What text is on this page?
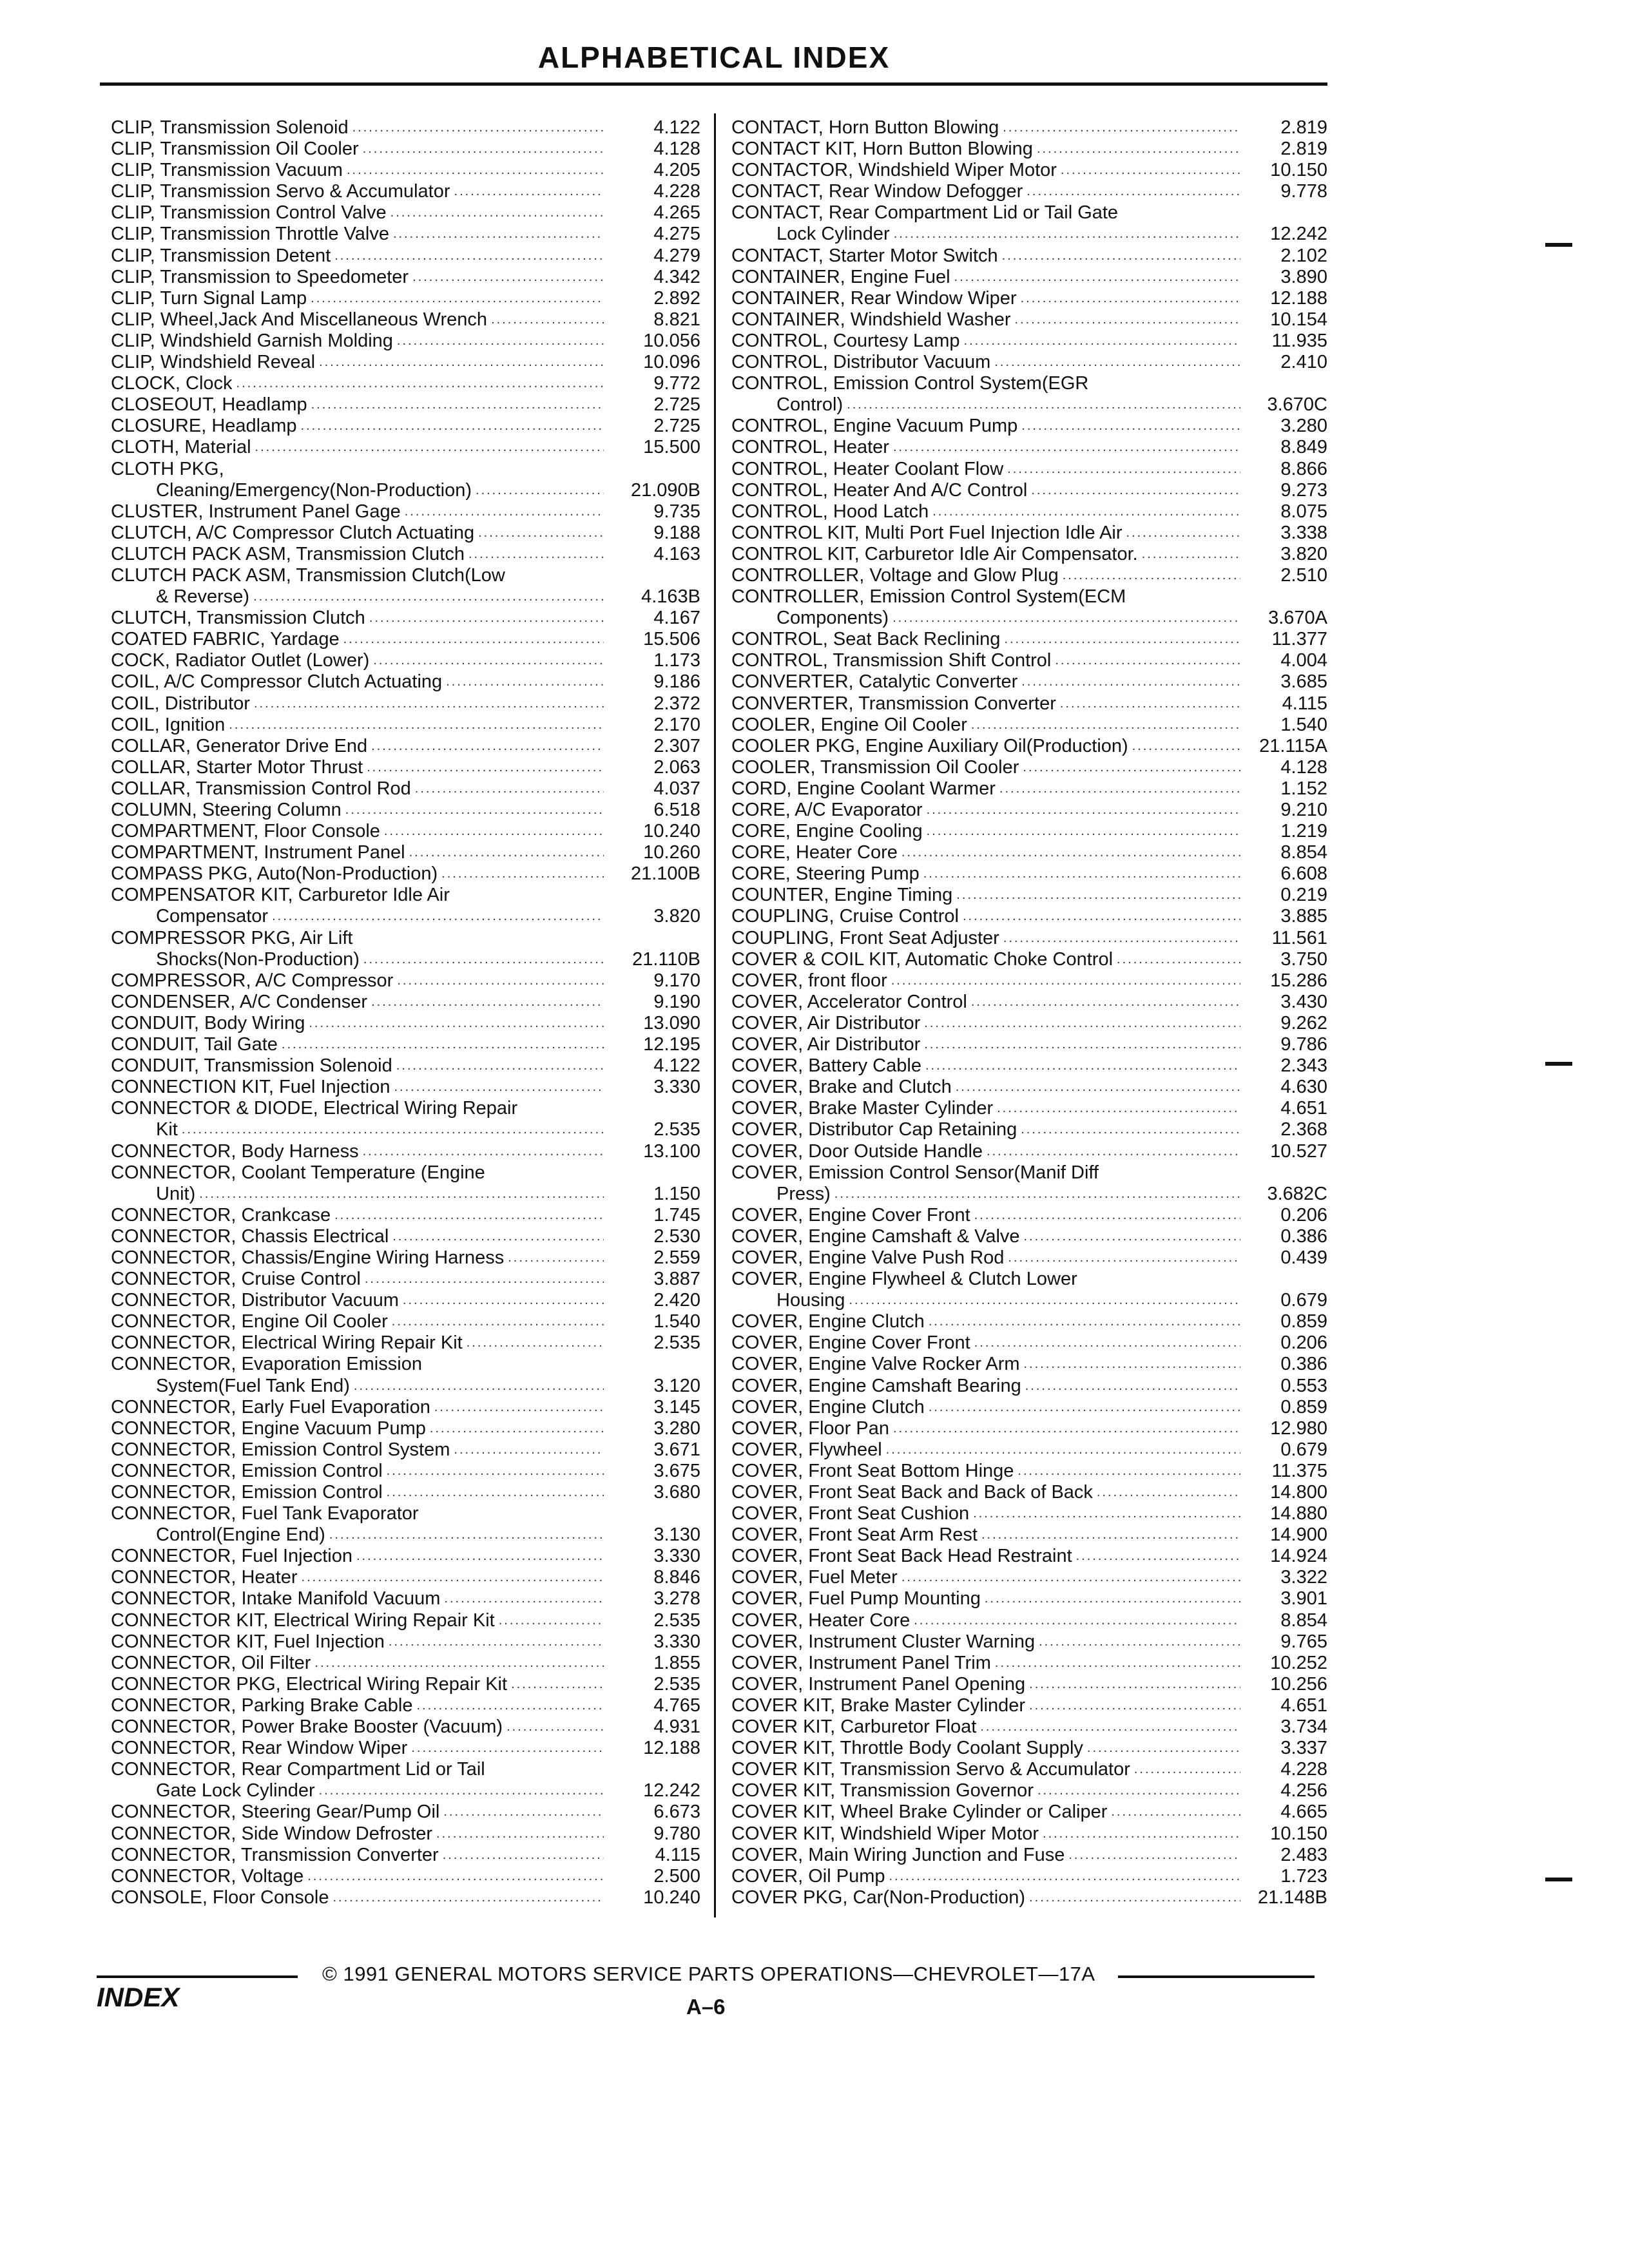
ALPHABETICAL INDEX
CLIP, Transmission Solenoid .....	4.122
CLIP, Transmission Oil Cooler .....	4.128
CLIP, Transmission Vacuum .....	4.205
CLIP, Transmission Servo & Accumulator .....	4.228
CLIP, Transmission Control Valve .....	4.265
CLIP, Transmission Throttle Valve .....	4.275
CLIP, Transmission Detent .....	4.279
CLIP, Transmission to Speedometer .....	4.342
CLIP, Turn Signal Lamp .....	2.892
CLIP, Wheel,Jack And Miscellaneous Wrench .....	8.821
CLIP, Windshield Garnish Molding .....	10.056
CLIP, Windshield Reveal .....	10.096
CLOCK, Clock .....	9.772
CLOSEOUT, Headlamp .....	2.725
CLOSURE, Headlamp .....	2.725
CLOTH, Material .....	15.500
CLOTH PKG,
Cleaning/Emergency(Non-Production) .....	21.090B
CLUSTER, Instrument Panel Gage .....	9.735
CLUTCH, A/C Compressor Clutch Actuating .....	9.188
CLUTCH PACK ASM, Transmission Clutch .....	4.163
CLUTCH PACK ASM, Transmission Clutch(Low
& Reverse) .....	4.163B
CLUTCH, Transmission Clutch .....	4.167
COATED FABRIC, Yardage .....	15.506
COCK, Radiator Outlet (Lower) .....	1.173
COIL, A/C Compressor Clutch Actuating .....	9.186
COIL, Distributor .....	2.372
COIL, Ignition .....	2.170
COLLAR, Generator Drive End .....	2.307
COLLAR, Starter Motor Thrust .....	2.063
COLLAR, Transmission Control Rod .....	4.037
COLUMN, Steering Column .....	6.518
COMPARTMENT, Floor Console .....	10.240
COMPARTMENT, Instrument Panel .....	10.260
COMPASS PKG, Auto(Non-Production) .....	21.100B
COMPENSATOR KIT, Carburetor Idle Air
Compensator .....	3.820
COMPRESSOR PKG, Air Lift
Shocks(Non-Production) .....	21.110B
COMPRESSOR, A/C Compressor .....	9.170
CONDENSER, A/C Condenser .....	9.190
CONDUIT, Body Wiring .....	13.090
CONDUIT, Tail Gate .....	12.195
CONDUIT, Transmission Solenoid .....	4.122
CONNECTION KIT, Fuel Injection .....	3.330
CONNECTOR & DIODE, Electrical Wiring Repair
Kit .....	2.535
CONNECTOR, Body Harness .....	13.100
CONNECTOR, Coolant Temperature (Engine
Unit) .....	1.150
CONNECTOR, Crankcase .....	1.745
CONNECTOR, Chassis Electrical .....	2.530
CONNECTOR, Chassis/Engine Wiring Harness .....	2.559
CONNECTOR, Cruise Control .....	3.887
CONNECTOR, Distributor Vacuum .....	2.420
CONNECTOR, Engine Oil Cooler .....	1.540
CONNECTOR, Electrical Wiring Repair Kit .....	2.535
CONNECTOR, Evaporation Emission
System(Fuel Tank End) .....	3.120
CONNECTOR, Early Fuel Evaporation .....	3.145
CONNECTOR, Engine Vacuum Pump .....	3.280
CONNECTOR, Emission Control System .....	3.671
CONNECTOR, Emission Control .....	3.675
CONNECTOR, Emission Control .....	3.680
CONNECTOR, Fuel Tank Evaporator
Control(Engine End) .....	3.130
CONNECTOR, Fuel Injection .....	3.330
CONNECTOR, Heater .....	8.846
CONNECTOR, Intake Manifold Vacuum .....	3.278
CONNECTOR KIT, Electrical Wiring Repair Kit .....	2.535
CONNECTOR KIT, Fuel Injection .....	3.330
CONNECTOR, Oil Filter .....	1.855
CONNECTOR PKG, Electrical Wiring Repair Kit .....	2.535
CONNECTOR, Parking Brake Cable .....	4.765
CONNECTOR, Power Brake Booster (Vacuum) .....	4.931
CONNECTOR, Rear Window Wiper .....	12.188
CONNECTOR, Rear Compartment Lid or Tail
Gate Lock Cylinder .....	12.242
CONNECTOR, Steering Gear/Pump Oil .....	6.673
CONNECTOR, Side Window Defroster .....	9.780
CONNECTOR, Transmission Converter .....	4.115
CONNECTOR, Voltage .....	2.500
CONSOLE, Floor Console .....	10.240
CONTACT, Horn Button Blowing .....	2.819
CONTACT KIT, Horn Button Blowing .....	2.819
CONTACTOR, Windshield Wiper Motor .....	10.150
CONTACT, Rear Window Defogger .....	9.778
CONTACT, Rear Compartment Lid or Tail Gate
Lock Cylinder .....	12.242
CONTACT, Starter Motor Switch .....	2.102
CONTAINER, Engine Fuel .....	3.890
CONTAINER, Rear Window Wiper .....	12.188
CONTAINER, Windshield Washer .....	10.154
CONTROL, Courtesy Lamp .....	11.935
CONTROL, Distributor Vacuum .....	2.410
CONTROL, Emission Control System(EGR
Control) .....	3.670C
CONTROL, Engine Vacuum Pump .....	3.280
CONTROL, Heater .....	8.849
CONTROL, Heater Coolant Flow .....	8.866
CONTROL, Heater And A/C Control .....	9.273
CONTROL, Hood Latch .....	8.075
CONTROL KIT, Multi Port Fuel Injection Idle Air .....	3.338
CONTROL KIT, Carburetor Idle Air Compensator. .....	3.820
CONTROLLER, Voltage and Glow Plug .....	2.510
CONTROLLER, Emission Control System(ECM
Components) .....	3.670A
CONTROL, Seat Back Reclining .....	11.377
CONTROL, Transmission Shift Control .....	4.004
CONVERTER, Catalytic Converter .....	3.685
CONVERTER, Transmission Converter .....	4.115
COOLER, Engine Oil Cooler .....	1.540
COOLER PKG, Engine Auxiliary Oil(Production) .....	21.115A
COOLER, Transmission Oil Cooler .....	4.128
CORD, Engine Coolant Warmer .....	1.152
CORE, A/C Evaporator .....	9.210
CORE, Engine Cooling .....	1.219
CORE, Heater Core .....	8.854
CORE, Steering Pump .....	6.608
COUNTER, Engine Timing .....	0.219
COUPLING, Cruise Control .....	3.885
COUPLING, Front Seat Adjuster .....	11.561
COVER & COIL KIT, Automatic Choke Control .....	3.750
COVER, front floor .....	15.286
COVER, Accelerator Control .....	3.430
COVER, Air Distributor .....	9.262
COVER, Air Distributor .....	9.786
COVER, Battery Cable .....	2.343
COVER, Brake and Clutch .....	4.630
COVER, Brake Master Cylinder .....	4.651
COVER, Distributor Cap Retaining .....	2.368
COVER, Door Outside Handle .....	10.527
COVER, Emission Control Sensor(Manif Diff
Press) .....	3.682C
COVER, Engine Cover Front .....	0.206
COVER, Engine Camshaft & Valve .....	0.386
COVER, Engine Valve Push Rod .....	0.439
COVER, Engine Flywheel & Clutch Lower
Housing .....	0.679
COVER, Engine Clutch .....	0.859
COVER, Engine Cover Front .....	0.206
COVER, Engine Valve Rocker Arm .....	0.386
COVER, Engine Camshaft Bearing .....	0.553
COVER, Engine Clutch .....	0.859
COVER, Floor Pan .....	12.980
COVER, Flywheel .....	0.679
COVER, Front Seat Bottom Hinge .....	11.375
COVER, Front Seat Back and Back of Back .....	14.800
COVER, Front Seat Cushion .....	14.880
COVER, Front Seat Arm Rest .....	14.900
COVER, Front Seat Back Head Restraint .....	14.924
COVER, Fuel Meter .....	3.322
COVER, Fuel Pump Mounting .....	3.901
COVER, Heater Core .....	8.854
COVER, Instrument Cluster Warning .....	9.765
COVER, Instrument Panel Trim .....	10.252
COVER, Instrument Panel Opening .....	10.256
COVER KIT, Brake Master Cylinder .....	4.651
COVER KIT, Carburetor Float .....	3.734
COVER KIT, Throttle Body Coolant Supply .....	3.337
COVER KIT, Transmission Servo & Accumulator .....	4.228
COVER KIT, Transmission Governor .....	4.256
COVER KIT, Wheel Brake Cylinder or Caliper .....	4.665
COVER KIT, Windshield Wiper Motor .....	10.150
COVER, Main Wiring Junction and Fuse .....	2.483
COVER, Oil Pump .....	1.723
COVER PKG, Car(Non-Production) .....	21.148B
© 1991 GENERAL MOTORS SERVICE PARTS OPERATIONS—CHEVROLET—17A
INDEX	A–6
